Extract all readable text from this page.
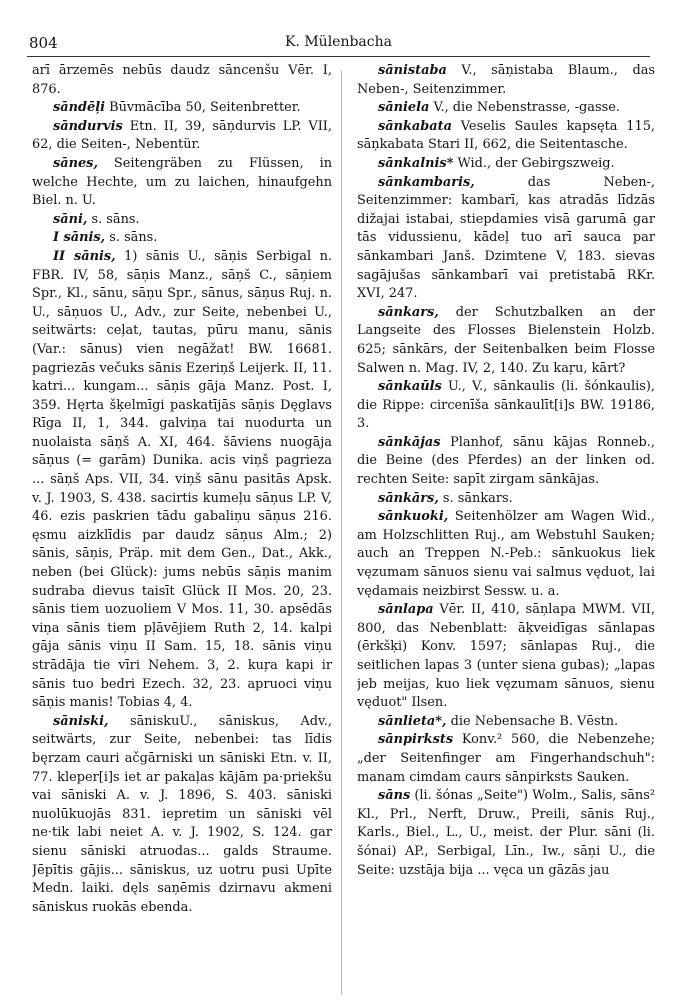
804	K. Mülenbacha

arī ārzemēs nebūs daudz sāncenšu Vēr. I, 876.

sāndēļi Būvmācība 50, Seitenbretter.

sāndurvis Etn. II, 39, sāņdurvis LP. VII, 62, die Seiten-, Nebentür.

sānes, Seitengräben zu Flüssen, in welche Hechte, um zu laichen, hinaufgehn Biel. n. U.

sāni, s. sāns.

I sānis, s. sāns.

II sānis, 1) sānis U., sāņis Serbigal n. FBR. IV, 58, sāņis Manz., sāņš C., sāņiem Spr., Kl., sānu, sāņu Spr., sānus, sāņus Ruj. n. U., sāņuos U., Adv., zur Seite, nebenbei U., seitwärts: ceļat, tautas, pūru manu, sānis (Var.: sānus) vien negāžat! BW. 16681. pagriezās večuks sānis Ezeriņš Leijerk. II, 11. katri... kungam... sāņis gāja Manz. Post. I, 359. Hęrta šķelmīgi paskatījās sāņis Dęglavs Rīga II, 1, 344. galviņa tai nuodurta un nuolaista sāņš A. XI, 464. šāviens nuogāja sāņus (= garām) Dunika. acis viņš pagrieza ... sāņš Aps. VII, 34. viņš sānu pasitās Apsk. v. J. 1903, S. 438. sacirtis kumeļu sāņus LP. V, 46. ezis paskrien tādu gabaliņu sāņus 216. ęsmu aizklīdis par daudz sāņus Alm.; 2) sānis, sāņis, Präp. mit dem Gen., Dat., Akk., neben (bei Glück): jums nebūs sāņis manim sudraba dievus taisīt Glück II Mos. 20, 23. sānis tiem uozuoliem V Mos. 11, 30. apsēdās viņa sānis tiem pļāvējiem Ruth 2, 14. kalpi gāja sānis viņu II Sam. 15, 18. sānis viņu strādāja tie vīri Nehem. 3, 2. kuŗa kapi ir sānis tuo bedri Ezech. 32, 23. apruoci viņu sāņis manis! Tobias 4, 4.

sāniski, sāniskuU., sāniskus, Adv., seitwärts, zur Seite, nebenbei: tas līdis bęrzam cauri ačgārniski un sāniski Etn. v. II, 77. kleper[i]s iet ar pakaļas kājām pa·priekšu vai sāniski A. v. J. 1896, S. 403. sāniski nuolūkuojās 831. iepretim un sāniski vēl ne·tik labi neiet A. v. J. 1902, S. 124. gar sienu sāniski atruodas... galds Straume. Jēpītis gājis... sāniskus, uz uotru pusi Upīte Medn. laiki. dęls saņēmis dzirnavu akmeni sāniskus ruokās ebenda.

sānistaba V., sāņistaba Blaum., das Neben-, Seitenzimmer.

sāniela V., die Nebenstrasse, -gasse.

sānkabata Veselis Saules kapsęta 115, sāņkabata Stari II, 662, die Seitentasche.

sānkalnis* Wid., der Gebirgszweig.

sānkambaris, das Neben-, Seitenzimmer: kambarī, kas atradās līdzās dižajai istabai, stiepdamies visā garumā gar tās vidussienu, kādeļ tuo arī sauca par sānkambari Janš. Dzimtene V, 183. sievas sagājušas sānkambarī vai pretistabā RKr. XVI, 247.

sānkars, der Schutzbalken an der Langseite des Flosses Bielenstein Holzb. 625; sānkārs, der Seitenbalken beim Flosse Salwen n. Mag. IV, 2, 140. Zu kaŗu, kārt?

sānkaūls U., V., sānkaulis (li. šónkaulis), die Rippe: circenīša sānkaulīt[i]s BW. 19186, 3.

sānkājas Planhof, sānu kājas Ronneb., die Beine (des Pferdes) an der linken od. rechten Seite: sapīt zirgam sānkājas.

sānkārs, s. sānkars.

sānkuoki, Seitenhölzer am Wagen Wid., am Holzschlitten Ruj., am Webstuhl Sauken; auch an Treppen N.-Peb.: sānkuokus liek vęzumam sānuos sienu vai salmus vęduot, lai vędamais neizbirst Sessw. u. a.

sānlapa Vēr. II, 410, sāņlapa MWM. VII, 800, das Nebenblatt: āķveidīgas sānlapas (ērkšķi) Konv. 1597; sānlapas Ruj., die seitlichen lapas 3 (unter siena gubas); „lapas jeb meijas, kuo liek vęzumam sānuos, sienu vęduot" Ilsen.

sānlieta*, die Nebensache B. Vēstn.

sānpirksts Konv.² 560, die Nebenzehe; „der Seitenfinger am Fingerhandschuh": manam cimdam caurs sānpirksts Sauken.

sāns (li. šónas „Seite") Wolm., Salis, sāns² Kl., Prl., Nerft, Druw., Preili, sānis Ruj., Karls., Biel., L., U., meist. der Plur. sāni (li. šónai) AP., Serbigal, Līn., Iw., sāņi U., die Seite: uzstāja bija ... vęca un gāzās jau
